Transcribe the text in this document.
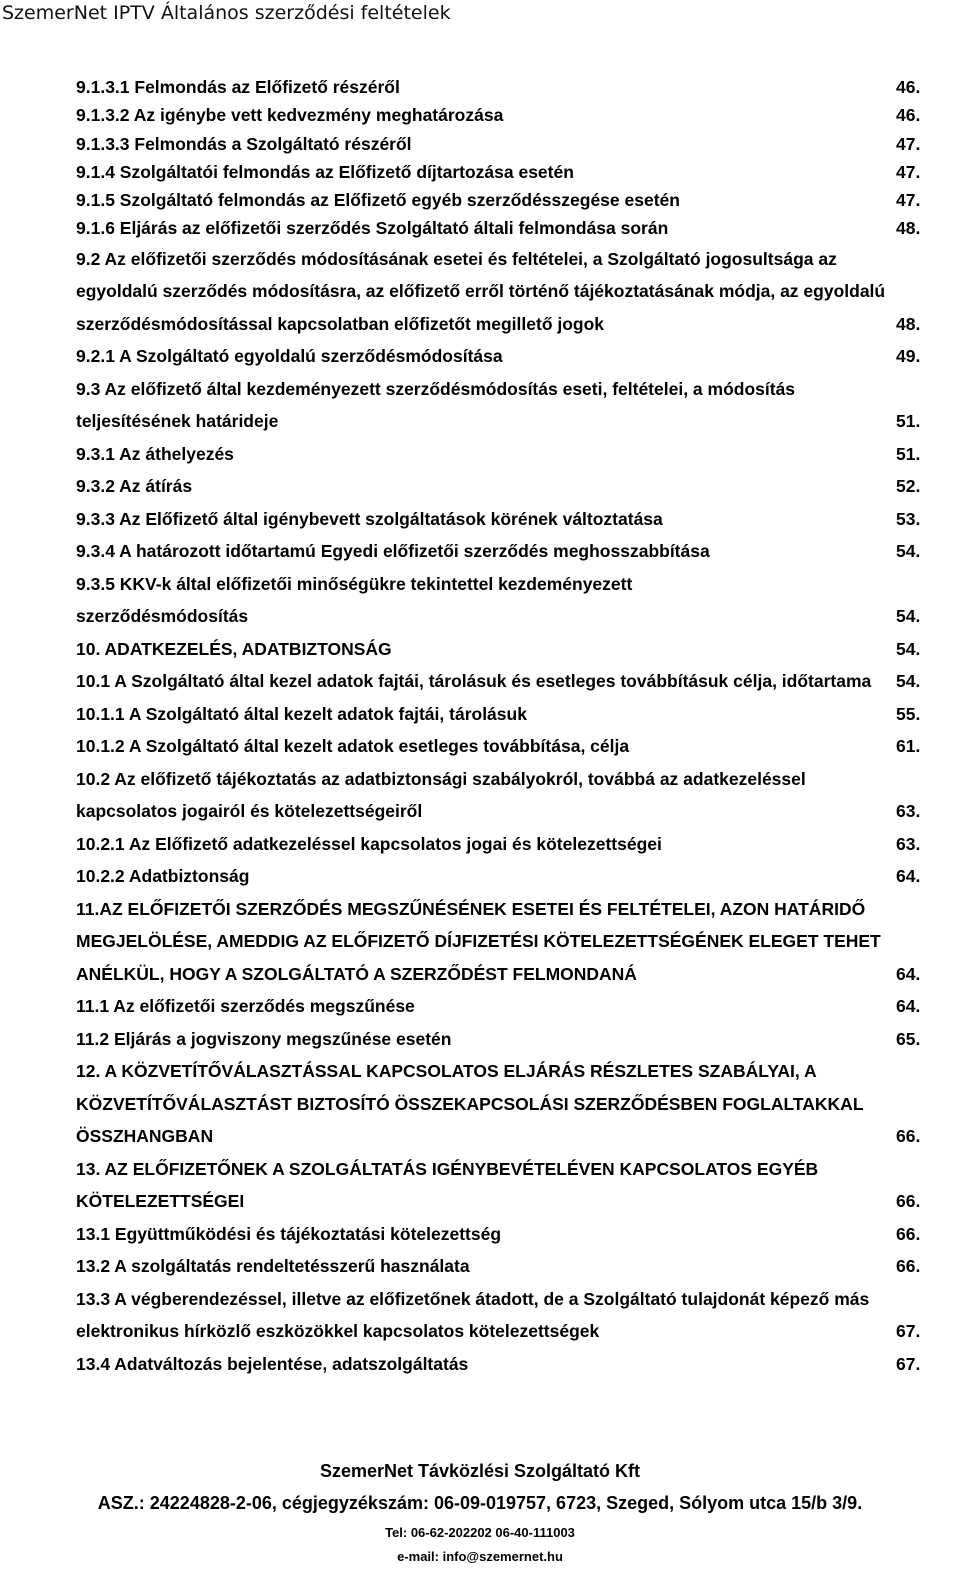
SzemerNet IPTV Általános szerződési feltételek
9.1.3.1 Felmondás az Előfizető részéről	46.
9.1.3.2 Az igénybe vett kedvezmény meghatározása	46.
9.1.3.3 Felmondás a Szolgáltató részéről	47.
9.1.4 Szolgáltatói felmondás az Előfizető díjtartozása esetén	47.
9.1.5 Szolgáltató felmondás az Előfizető egyéb szerződésszegése esetén	47.
9.1.6 Eljárás az előfizetői szerződés Szolgáltató általi felmondása során	48.
9.2 Az előfizetői szerződés módosításának esetei és feltételei, a Szolgáltató jogosultsága az egyoldalú szerződés módosításra, az előfizető erről történő tájékoztatásának módja, az egyoldalú szerződésmódosítással kapcsolatban előfizetőt megillető jogok	48.
9.2.1 A Szolgáltató egyoldalú szerződésmódosítása	49.
9.3 Az előfizető által kezdeményezett szerződésmódosítás eseti, feltételei, a módosítás teljesítésének határideje	51.
9.3.1 Az áthelyezés	51.
9.3.2 Az átírás	52.
9.3.3 Az Előfizető által igénybevett szolgáltatások körének változtatása	53.
9.3.4 A határozott időtartamú Egyedi előfizetői szerződés meghosszabbítása	54.
9.3.5 KKV-k által előfizetői minőségükre tekintettel kezdeményezett szerződésmódosítás	54.
10. ADATKEZELÉS, ADATBIZTONSÁG	54.
10.1 A Szolgáltató által kezel adatok fajtái, tárolásuk és esetleges továbbításuk célja, időtartama	54.
10.1.1 A Szolgáltató által kezelt adatok fajtái, tárolásuk	55.
10.1.2 A Szolgáltató által kezelt adatok esetleges továbbítása, célja	61.
10.2 Az előfizető tájékoztatás az adatbiztonsági szabályokról, továbbá az adatkezeléssel kapcsolatos jogairól és kötelezettségeiről	63.
10.2.1 Az Előfizető adatkezeléssel kapcsolatos jogai és kötelezettségei	63.
10.2.2 Adatbiztonság	64.
11.AZ ELŐFIZETŐI SZERZŐDÉS MEGSZŰNÉSÉNEK ESETEI ÉS FELTÉTELEI, AZON HATÁRIDŐ MEGJELÖLÉSE, AMEDDIG AZ ELŐFIZETŐ DÍJFIZETÉSI KÖTELEZETTSÉGÉNEK ELEGET TEHET ANÉLKÜL, HOGY A SZOLGÁLTATÓ A SZERZŐDÉST FELMONDANÁ	64.
11.1 Az előfizetői szerződés megszűnése	64.
11.2 Eljárás a jogviszony megszűnése esetén	65.
12. A KÖZVETÍTŐVÁLASZTÁSSAL KAPCSOLATOS ELJÁRÁS RÉSZLETES SZABÁLYAI, A KÖZVETÍTŐVÁLASZTÁST BIZTOSÍTÓ ÖSSZEKAPCSOLÁSI SZERZŐDÉSBEN FOGLALTAKKAL ÖSSZHANGBAN	66.
13. AZ ELŐFIZETŐNEK A SZOLGÁLTATÁS IGÉNYBEVÉTELÉVEN KAPCSOLATOS EGYÉB KÖTELEZETTSÉGEI	66.
13.1 Együttműködési és tájékoztatási kötelezettség	66.
13.2 A szolgáltatás rendeltetésszerű használata	66.
13.3 A végberendezéssel, illetve az előfizetőnek átadott, de a Szolgáltató tulajdonát képező más elektronikus hírközlő eszközökkel kapcsolatos kötelezettségek	67.
13.4 Adatváltozás bejelentése, adatszolgáltatás	67.
SzemerNet Távközlési Szolgáltató Kft
ASZ.: 24224828-2-06, cégjegyzékszám: 06-09-019757, 6723, Szeged, Sólyom utca 15/b 3/9.
Tel: 06-62-202202 06-40-111003
e-mail: info@szemernet.hu
